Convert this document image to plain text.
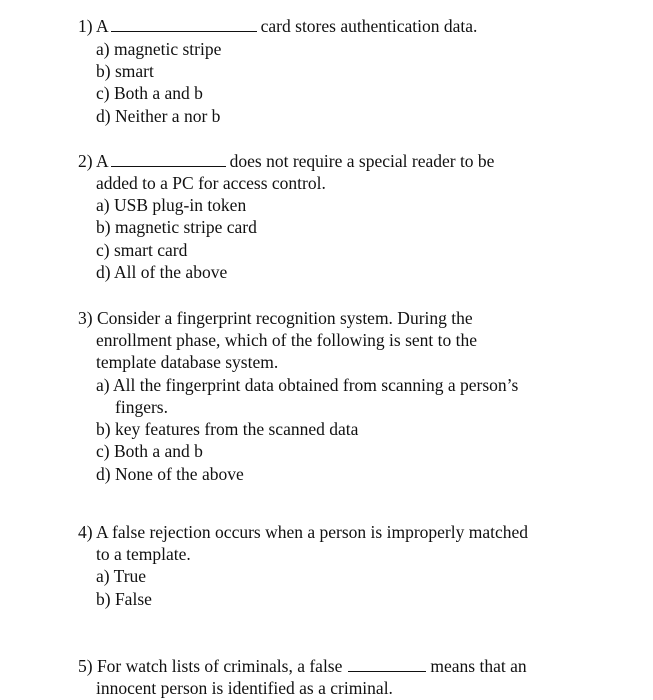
1) A	card stores authentication data.
a) magnetic stripe
b) smart
c) Both a and b
d) Neither a nor b
2) A	does not require a special reader to be
added to a PC for access control.
a) USB plug-in token
b) magnetic stripe card
c) smart card
d) All of the above
3) Consider a fingerprint recognition system. During the
enrollment phase, which of the following is sent to the
template database system.
a) All the fingerprint data obtained from scanning a person’s
fingers.
b) key features from the scanned data
c) Both a and b
d) None of the above
4) A false rejection occurs when a person is improperly matched
to a template.
a) True
b) False
5) For watch lists of criminals, a false	means that an
innocent person is identified as a criminal.
